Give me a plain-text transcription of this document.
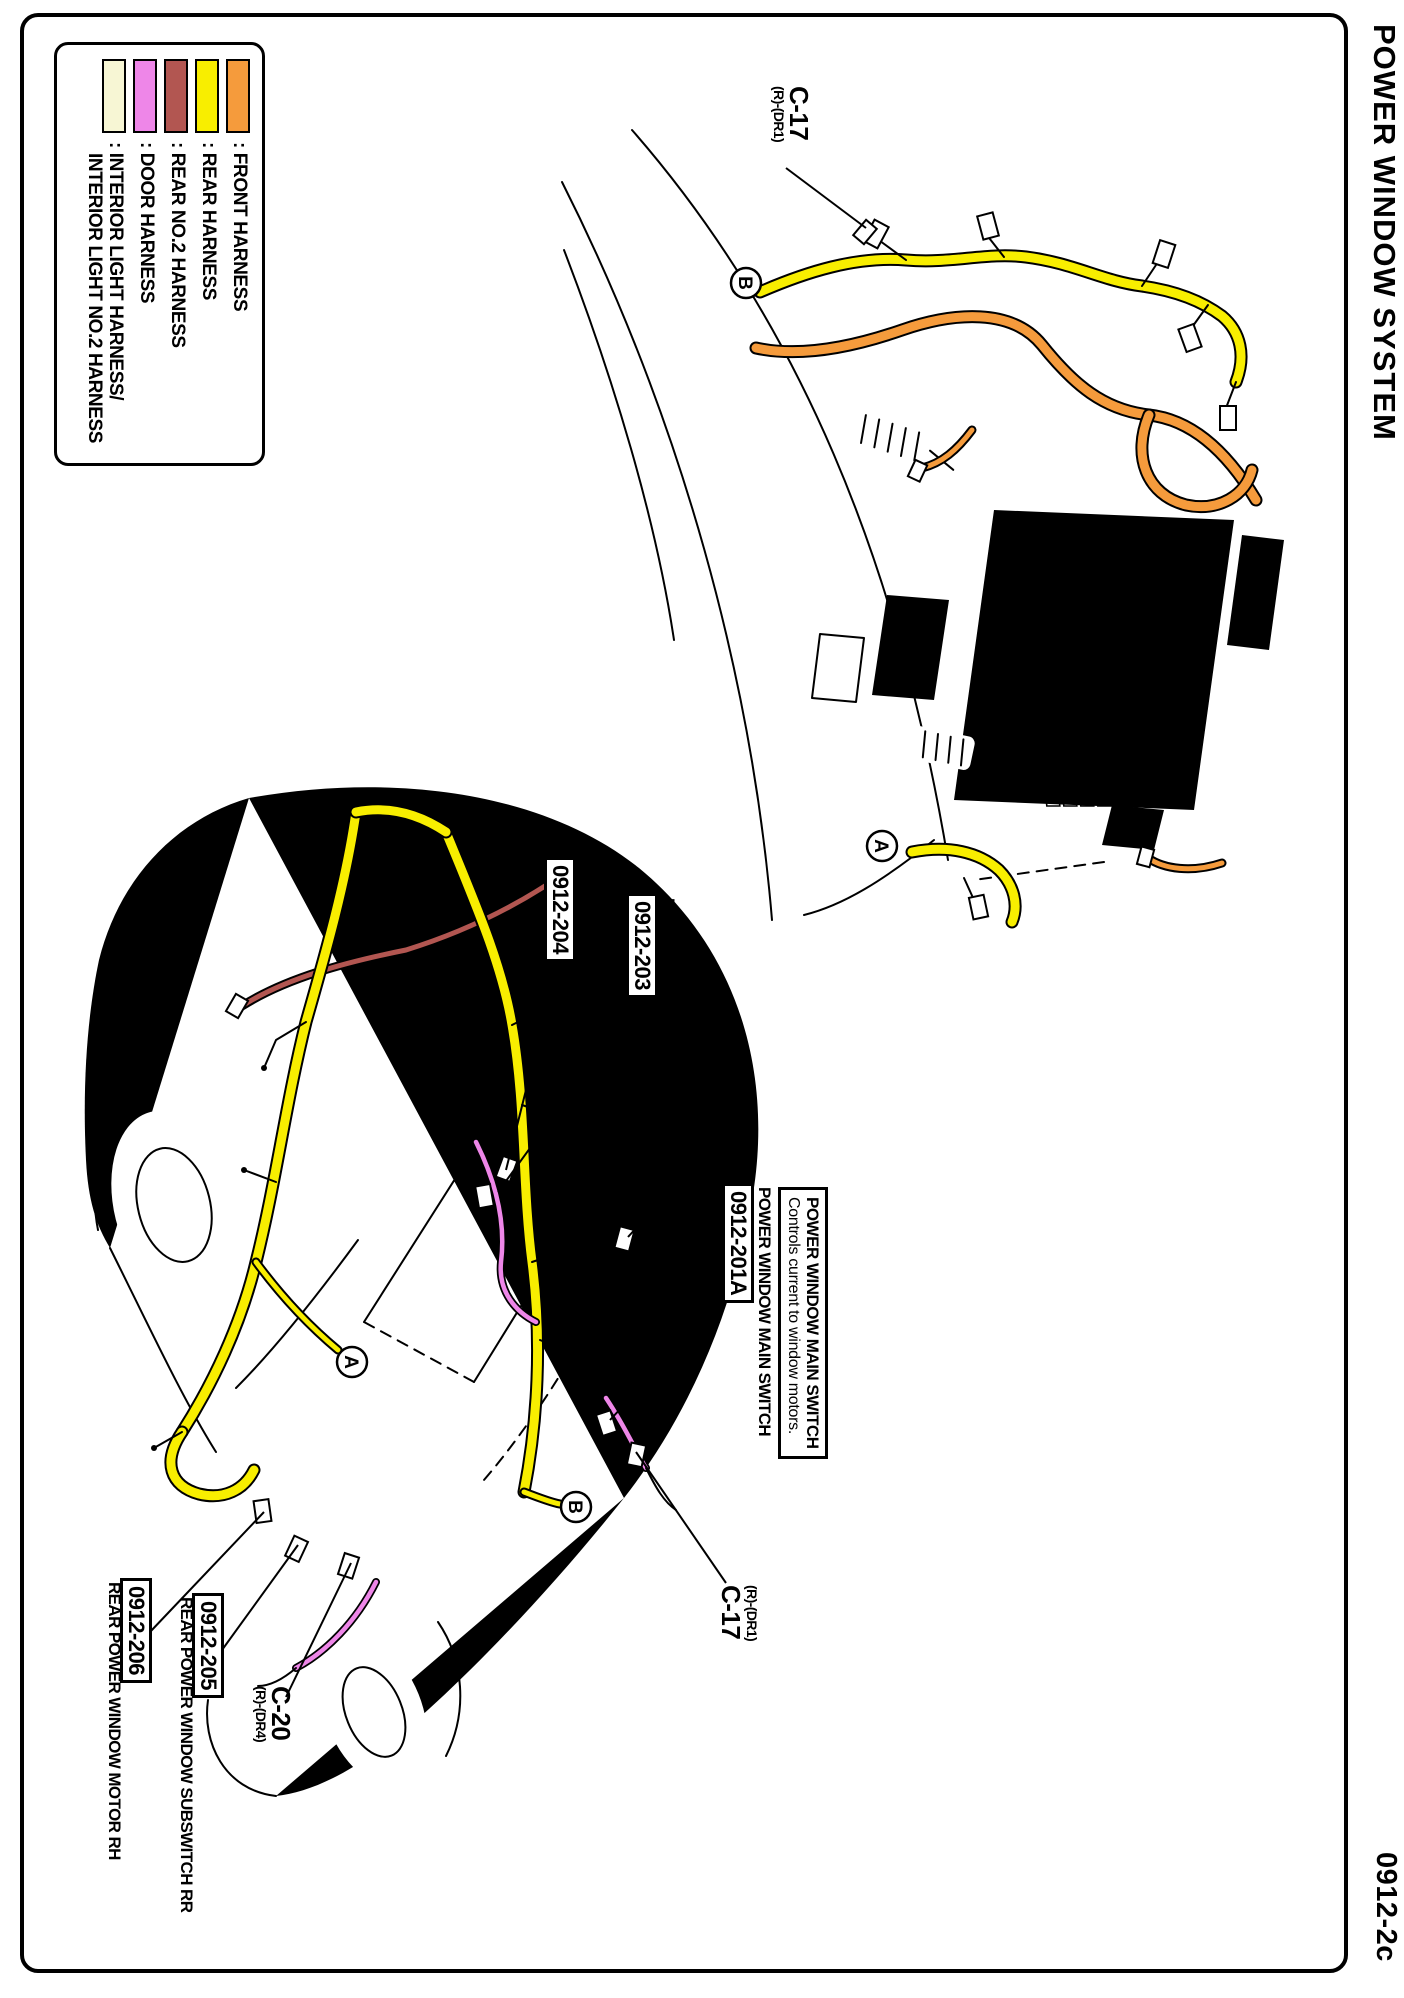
POWER WINDOW SYSTEM
0912-2c
B
A
B
A
: FRONT HARNESS
: REAR HARNESS
: REAR NO.2 HARNESS
: DOOR HARNESS
: INTERIOR LIGHT HARNESS/
INTERIOR LIGHT NO.2 HARNESS
C-17
(R)-(DR1)
REAR POWER WINDOW MOTOR LH
0912-204	REAR POWER WINDOW SUBSWITCH LR
0912-203
(R)-(DR3)
C-19
POWER WINDOW MAIN SWITCH
Controls current to window motors.
POWER WINDOW MAIN SWITCH
0912-201A
(R)-(DR1)
C-17
C-20
(R)-(DR4)
0912-205
REAR POWER WINDOW SUBSWITCH RR
0912-206
REAR POWER WINDOW MOTOR RH
